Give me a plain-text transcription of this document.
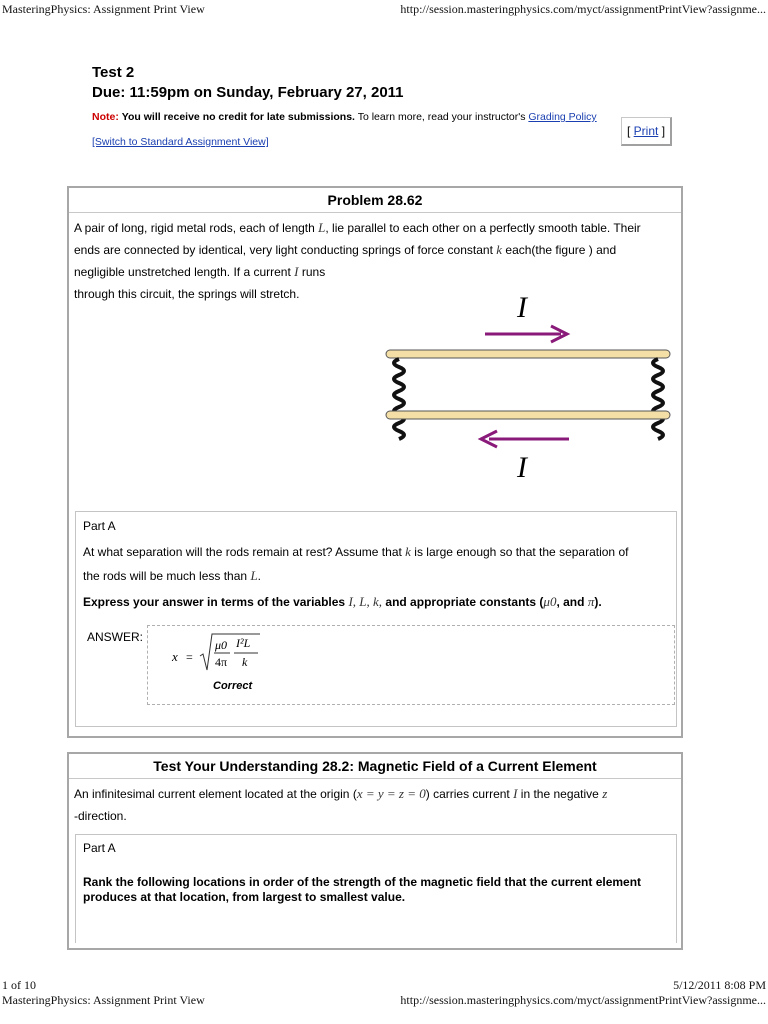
MasteringPhysics: Assignment Print View	http://session.masteringphysics.com/myct/assignmentPrintView?assignme...
Test 2
Due: 11:59pm on Sunday, February 27, 2011
Note: You will receive no credit for late submissions. To learn more, read your instructor's Grading Policy
[Switch to Standard Assignment View]
[ Print ]
Problem 28.62
A pair of long, rigid metal rods, each of length L, lie parallel to each other on a perfectly smooth table. Their
ends are connected by identical, very light conducting springs of force constant k each(the figure ) and
negligible unstretched length. If a current I runs
through this circuit, the springs will stretch.	I
I
Part A
At what separation will the rods remain at rest? Assume that k is large enough so that the separation of
the rods will be much less than L.
Express your answer in terms of the variables I, L, k, and appropriate constants (μ0, and π).
ANSWER:
x =
μ0
4π
I²L
k
Correct
Test Your Understanding 28.2: Magnetic Field of a Current Element
An infinitesimal current element located at the origin (x = y = z = 0) carries current I in the negative z
-direction.
Part A
Rank the following locations in order of the strength of the magnetic field that the current element produces at that location, from largest to smallest value.
1 of 10	5/12/2011 8:08 PM
MasteringPhysics: Assignment Print View	http://session.masteringphysics.com/myct/assignmentPrintView?assignme...
